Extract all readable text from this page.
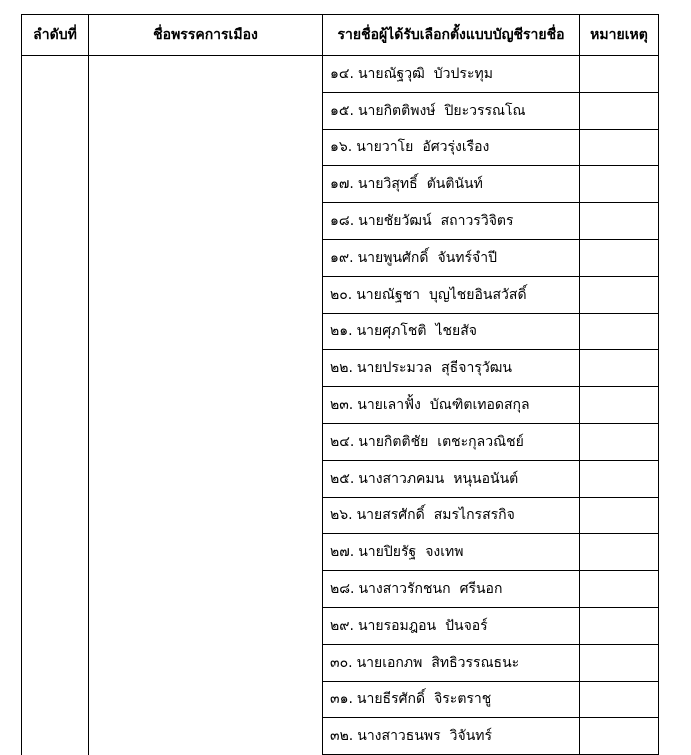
ลำดับที่	ชื่อพรรคการเมือง	รายชื่อผู้ได้รับเลือกตั้งแบบบัญชีรายชื่อ	หมายเหตุ
		๑๔. นายณัฐวุฒิ บัวประทุม	
		๑๕. นายกิตติพงษ์ ปิยะวรรณโณ	
		๑๖. นายวาโย อัศวรุ่งเรือง	
		๑๗. นายวิสุทธิ์ ตันตินันท์	
		๑๘. นายชัยวัฒน์ สถาวรวิจิตร	
		๑๙. นายพูนศักดิ์ จันทร์จำปี	
		๒๐. นายณัฐชา บุญไชยอินสวัสดิ์	
		๒๑. นายศุภโชติ ไชยสัจ	
		๒๒. นายประมวล สุธีจารุวัฒน	
		๒๓. นายเลาฟั้ง บัณฑิตเทอดสกุล	
		๒๔. นายกิตติชัย เตชะกุลวณิชย์	
		๒๕. นางสาวภคมน หนุนอนันต์	
		๒๖. นายสรศักดิ์ สมรไกรสรกิจ	
		๒๗. นายปิยรัฐ จงเทพ	
		๒๘. นางสาวรักชนก ศรีนอก	
		๒๙. นายรอมฎอน ปันจอร์	
		๓๐. นายเอกภพ สิทธิวรรณธนะ	
		๓๑. นายธีรศักดิ์ จิระตราชู	
		๓๒. นางสาวธนพร วิจันทร์	
